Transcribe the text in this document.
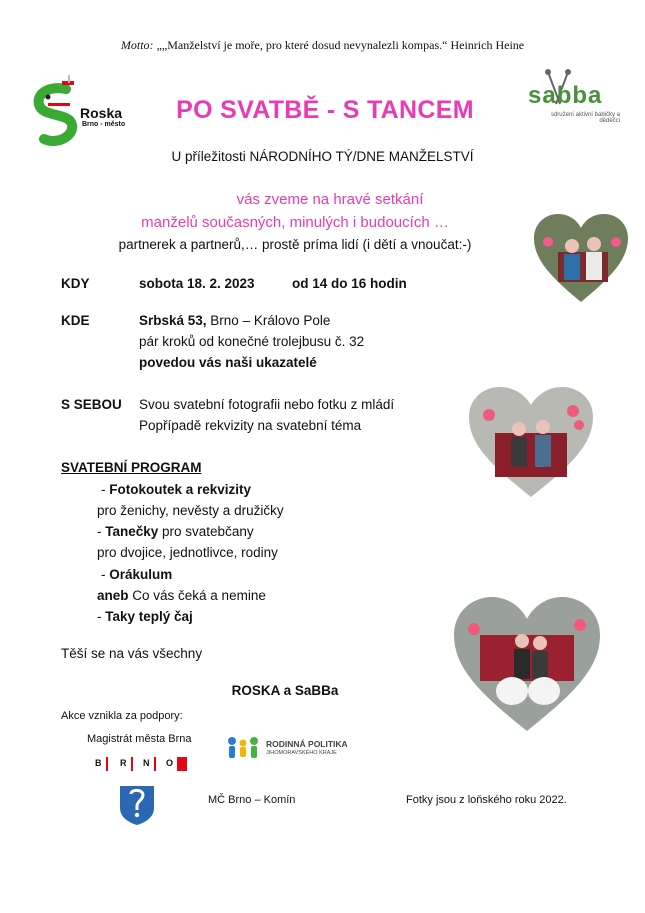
Motto: „„Manželství je moře, pro které dosud nevynalezli kompas.“ Heinrich Heine
Roska
Brno - město
PO SVATBĚ - S TANCEM
sabba
sdružení aktivní babičky a dědečci
U příležitosti NÁRODNÍHO TÝ/DNE MANŽELSTVÍ
vás zveme na hravé setkání
manželů současných, minulých i budoucích …
partnerek a partnerů,… prostě príma lidí (i dětí a vnoučat:-)
KDY	sobota 18. 2. 2023	od 14 do 16 hodin
KDE	Srbská 53, Brno – Královo Pole
pár kroků od konečné trolejbusu č. 32
povedou vás naši ukazatelé
S SEBOU Svou svatební fotografii nebo fotku z mládí
Popřípadě rekvizity na svatební téma
SVATEBNÍ PROGRAM
- Fotokoutek a rekvizity
pro ženichy, nevěsty a družičky
- Tanečky pro svatebčany
pro dvojice, jednotlivce, rodiny
- Orákulum
aneb Co vás čeká a nemine
- Taky teplý čaj
Těší se na vás všechny
ROSKA a SaBBa
Akce vznikla za podpory:
Magistrát města Brna
B R N O
RODINNÁ POLITIKA
JIHOMORAVSKÉHO KRAJE
MČ Brno – Komín	Fotky jsou z loňského roku 2022.
